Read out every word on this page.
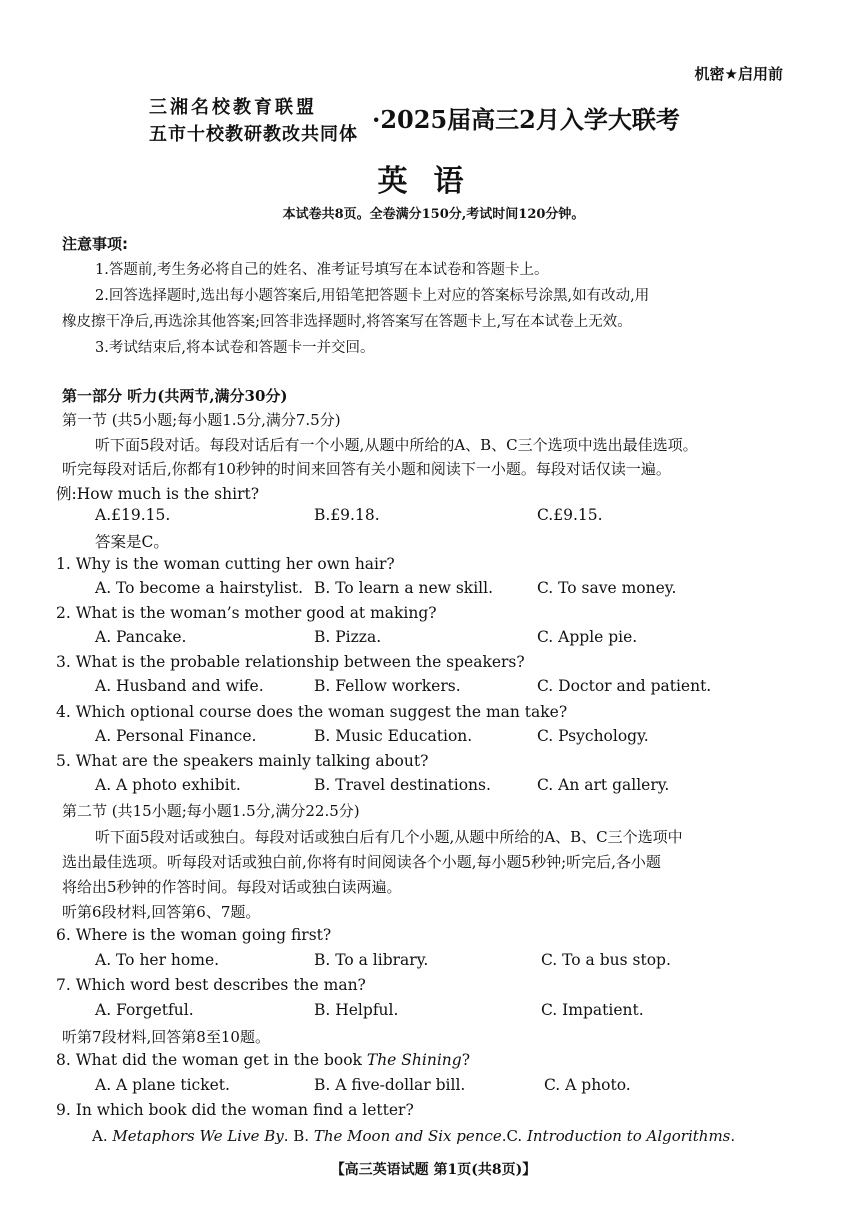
机密★启用前
三湘名校教育联盟
五市十校教研教改共同体
·2025届高三2月入学大联考
英语
本试卷共8页。全卷满分150分,考试时间120分钟。
注意事项:
1.答题前,考生务必将自己的姓名、准考证号填写在本试卷和答题卡上。
2.回答选择题时,选出每小题答案后,用铅笔把答题卡上对应的答案标号涂黑,如有改动,用
橡皮擦干净后,再选涂其他答案;回答非选择题时,将答案写在答题卡上,写在本试卷上无效。
3.考试结束后,将本试卷和答题卡一并交回。
第一部分 听力(共两节,满分30分)
第一节 (共5小题;每小题1.5分,满分7.5分)
听下面5段对话。每段对话后有一个小题,从题中所给的A、B、C三个选项中选出最佳选项。
听完每段对话后,你都有10秒钟的时间来回答有关小题和阅读下一小题。每段对话仅读一遍。
例:How much is the shirt?
A.£19.15.	B.£9.18.	C.£9.15.
答案是C。
1. Why is the woman cutting her own hair?
A. To become a hairstylist. B. To learn a new skill.	C. To save money.
2. What is the woman’s mother good at making?
A. Pancake.	B. Pizza.	C. Apple pie.
3. What is the probable relationship between the speakers?
A. Husband and wife.	B. Fellow workers.	C. Doctor and patient.
4. Which optional course does the woman suggest the man take?
A. Personal Finance.	B. Music Education.	C. Psychology.
5. What are the speakers mainly talking about?
A. A photo exhibit.	B. Travel destinations.	C. An art gallery.
第二节 (共15小题;每小题1.5分,满分22.5分)
听下面5段对话或独白。每段对话或独白后有几个小题,从题中所给的A、B、C三个选项中
选出最佳选项。听每段对话或独白前,你将有时间阅读各个小题,每小题5秒钟;听完后,各小题
将给出5秒钟的作答时间。每段对话或独白读两遍。
听第6段材料,回答第6、7题。
6. Where is the woman going first?
A. To her home.	B. To a library.	C. To a bus stop.
7. Which word best describes the man?
A. Forgetful.	B. Helpful.	C. Impatient.
听第7段材料,回答第8至10题。
8. What did the woman get in the book The Shining?
A. A plane ticket.	B. A five-dollar bill.	C. A photo.
9. In which book did the woman find a letter?
A. Metaphors We Live By. B. The Moon and Six pence.C. Introduction to Algorithms.
【高三英语试题 第1页(共8页)】
